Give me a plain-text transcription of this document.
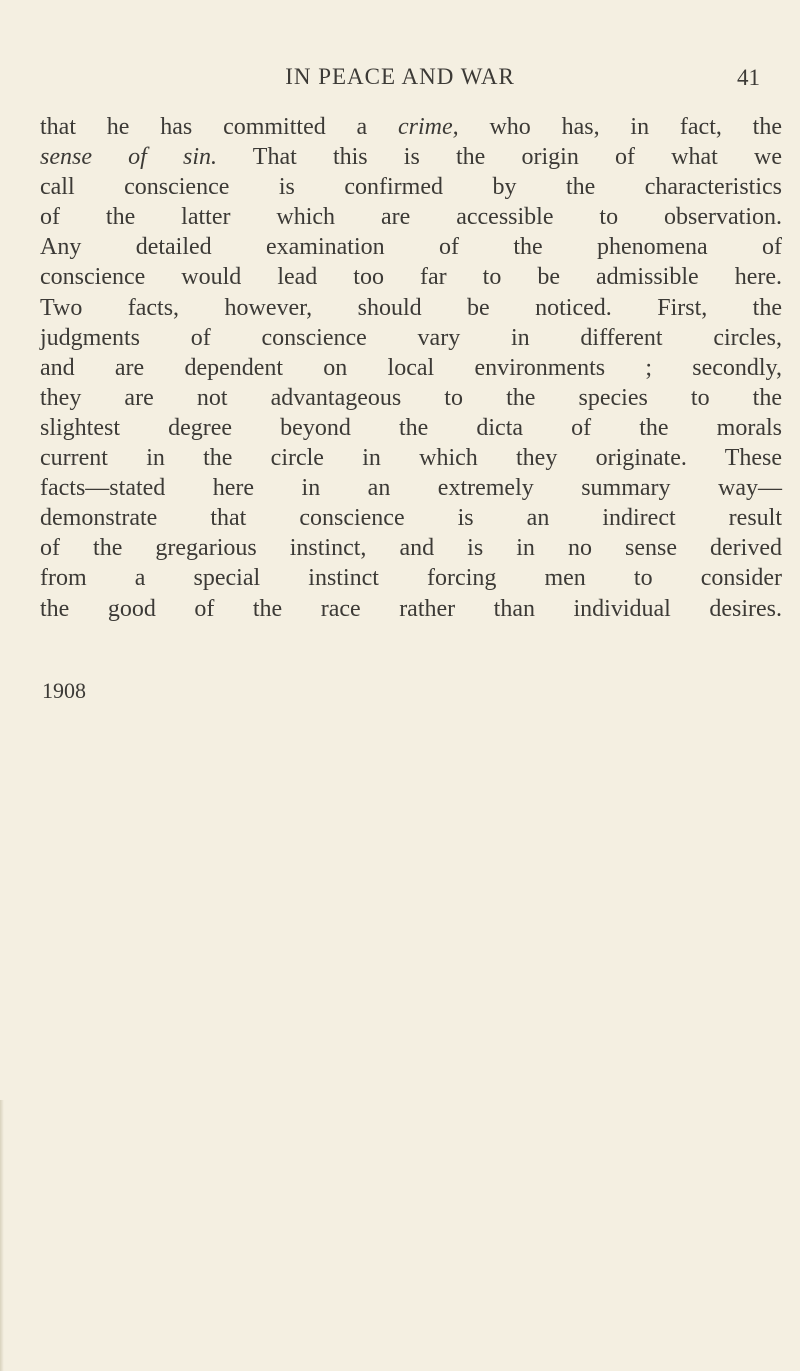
IN PEACE AND WAR	41
that he has committed a crime, who has, in fact, the
sense of sin. That this is the origin of what we
call conscience is confirmed by the characteristics
of the latter which are accessible to observation.
Any detailed examination of the phenomena of
conscience would lead too far to be admissible here.
Two facts, however, should be noticed. First, the
judgments of conscience vary in different circles,
and are dependent on local environments ; secondly,
they are not advantageous to the species to the
slightest degree beyond the dicta of the morals
current in the circle in which they originate. These
facts—stated here in an extremely summary way—
demonstrate that conscience is an indirect result
of the gregarious instinct, and is in no sense derived
from a special instinct forcing men to consider
the good of the race rather than individual desires.
1908
